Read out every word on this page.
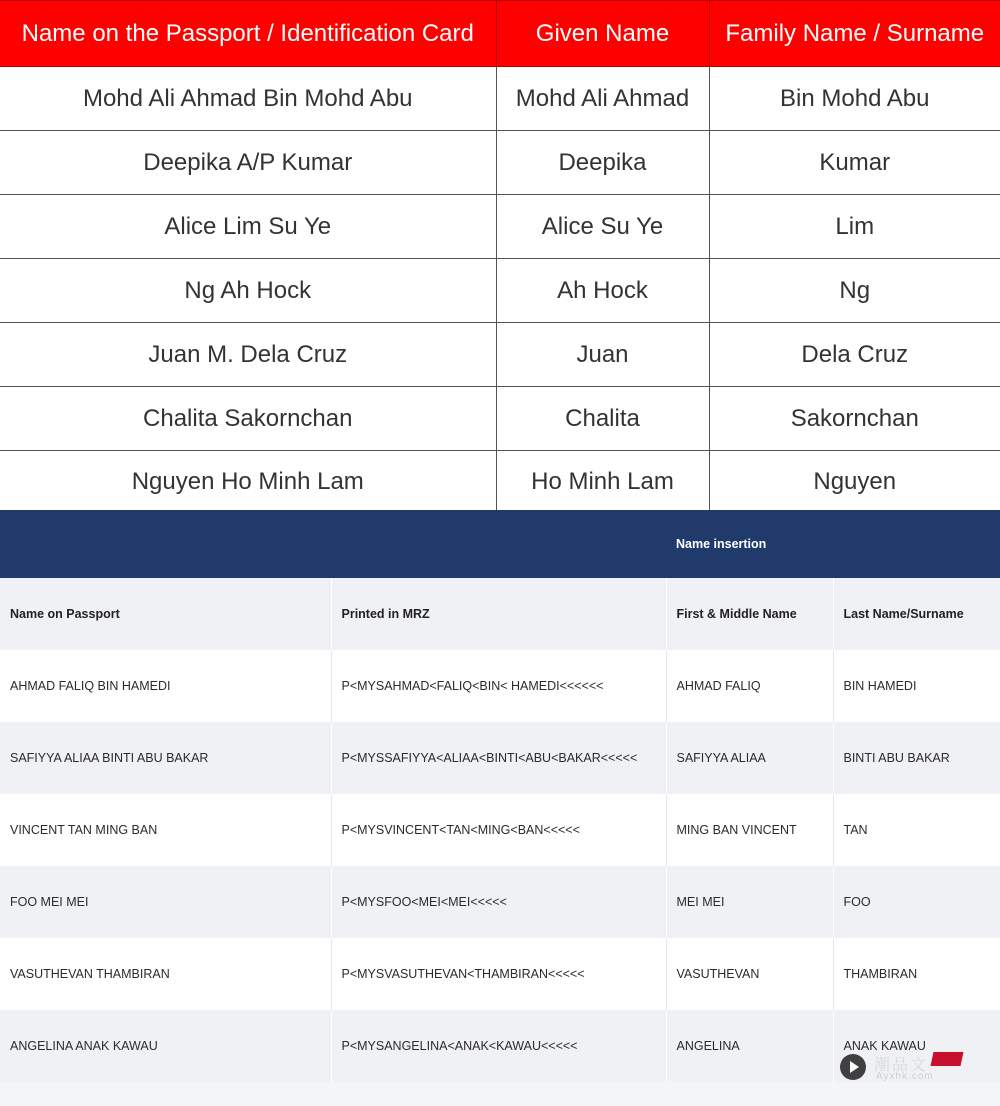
Name on the Passport / Identification Card	Given Name	Family Name / Surname
Mohd Ali Ahmad Bin Mohd Abu	Mohd Ali Ahmad	Bin Mohd Abu
Deepika A/P Kumar	Deepika	Kumar
Alice Lim Su Ye	Alice Su Ye	Lim
Ng Ah Hock	Ah Hock	Ng
Juan M. Dela Cruz	Juan	Dela Cruz
Chalita Sakornchan	Chalita	Sakornchan
Nguyen Ho Minh Lam	Ho Minh Lam	Nguyen
		Name insertion	
Name on Passport	Printed in MRZ	First & Middle Name	Last Name/Surname
AHMAD FALIQ BIN HAMEDI	P<MYSAHMAD<FALIQ<BIN< HAMEDI<<<<<<	AHMAD FALIQ	BIN HAMEDI
SAFIYYA ALIAA BINTI ABU BAKAR	P<MYSSAFIYYA<ALIAA<BINTI<ABU<BAKAR<<<<<	SAFIYYA ALIAA	BINTI ABU BAKAR
VINCENT TAN MING BAN	P<MYSVINCENT<TAN<MING<BAN<<<<<	MING BAN VINCENT	TAN
FOO MEI MEI	P<MYSFOO<MEI<MEI<<<<<	MEI MEI	FOO
VASUTHEVAN THAMBIRAN	P<MYSVASUTHEVAN<THAMBIRAN<<<<<	VASUTHEVAN	THAMBIRAN
ANGELINA ANAK KAWAU	P<MYSANGELINA<ANAK<KAWAU<<<<<	ANGELINA	ANAK KAWAU
潮品文
Ayxhk.com
